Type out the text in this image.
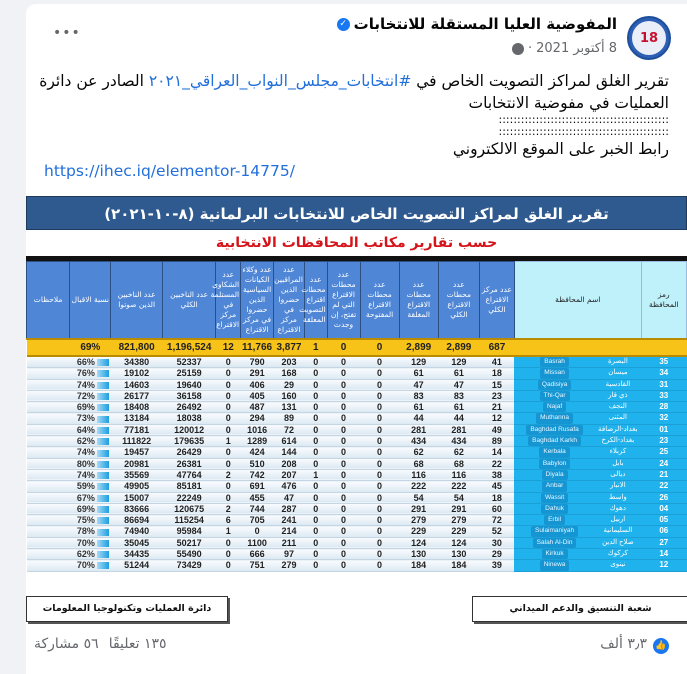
•••	18
المفوضية العليا المستقلة للانتخابات
✓
8 أكتوبر 2021
·
تقرير الغلق لمراكز التصويت الخاص في #انتخابات_مجلس_النواب_العراقي_٢٠٢١ الصادر عن دائرة العمليات في مفوضية الانتخابات
::::::::::::::::::::::::::::::::::::::::::::::
::::::::::::::::::::::::::::::::::::::::::::::
رابط الخبر على الموقع الالكتروني
https://ihec.iq/elementor-14775/
تقرير الغلق لمراكز التصويت الخاص للانتخابات البرلمانية (٨-١٠-٢٠٢١)
حسب تقارير مكاتب المحافظات الانتخابية
ملاحظات	نسبة الاقبال	عدد الناخبين الذين صوتوا	عدد الناخبين الكلي	عدد الشكاوى المستلمة في مركز الاقتراع	عدد وكلاء الكيانات السياسية الذين حضروا في مركز الاقتراع	عدد المراقبين الذين حضروا في مركز الاقتراع	عدد محطات اقتراع التصويت المعلقة	عدد محطات الاقتراع التي لم تفتح، إن وجدت	عدد محطات الاقتراع المفتوحة	عدد محطات الاقتراع المغلقة	عدد محطات الاقتراع الكلي	عدد مركز الاقتراع الكلي	اسم المحافظة		رمز المحافظة
	69%	821,800	1,196,524	12	11,766	3,877	1	0	0	2,899	2,899	687			
	66%	34380	52337	0	790	203	0	0	0	129	129	41	Basrah	البصرة	35
	76%	19102	25159	0	291	168	0	0	0	61	61	18	Missan	ميسان	34
	74%	14603	19640	0	406	29	0	0	0	47	47	15	Qadisiya	القادسية	31
	72%	26177	36158	0	405	160	0	0	0	83	83	23	Thi-Qar	ذي قار	33
	69%	18408	26492	0	487	131	0	0	0	61	61	21	Najaf	النجف	28
	73%	13184	18038	0	294	89	0	0	0	44	44	12	Muthanna	المثنى	32
	64%	77181	120012	0	1016	72	0	0	0	281	281	49	Baghdad Rusafa	بغداد-الرصافة	01
	62%	111822	179635	1	1289	614	0	0	0	434	434	89	Baghdad Karkh	بغداد-الكرخ	23
	74%	19457	26429	0	424	144	0	0	0	62	62	14	Kerbala	كربلاء	25
	80%	20981	26381	0	510	208	0	0	0	68	68	22	Babylon	بابل	24
	74%	35569	47764	2	742	207	1	0	0	116	116	38	Diyala	ديالى	21
	59%	49905	85181	0	691	476	0	0	0	222	222	45	Anbar	الانبار	22
	67%	15007	22249	0	455	47	0	0	0	54	54	18	Wassit	واسط	26
	69%	83666	120675	2	744	287	0	0	0	291	291	60	Dahuk	دهوك	04
	75%	86694	115254	6	705	241	0	0	0	279	279	72	Erbil	اربيل	05
	78%	74940	95984	1	0	214	0	0	0	229	229	52	Sulaimaniyah	السليمانية	06
	70%	35045	50217	0	1100	211	0	0	0	124	124	30	Salah Al-Din	صلاح الدين	27
	62%	34435	55490	0	666	97	0	0	0	130	130	29	Kirkuk	كركوك	14
	70%	51244	73429	0	751	279	0	0	0	184	184	39	Ninewa	نينوى	12
دائرة العمليات وتكنولوجيا المعلومات	شعبة التنسيق والدعم الميداني
👍
٣٫٣ ألف
١٣٥ تعليقًا
٥٦ مشاركة
